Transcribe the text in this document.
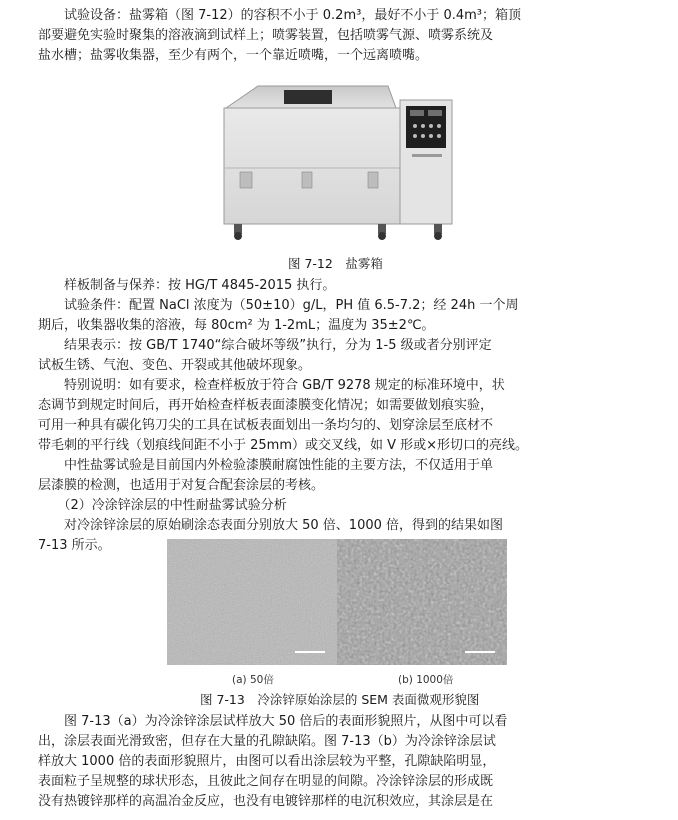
　　试验设备：盐雾箱（图 7-12）的容积不小于 0.2m³，最好不小于 0.4m³；箱顶
部要避免实验时聚集的溶液滴到试样上；喷雾装置，包括喷雾气源、喷雾系统及
盐水槽；盐雾收集器，至少有两个，一个靠近喷嘴，一个远离喷嘴。
图 7-12　盐雾箱
　　样板制备与保养：按 HG/T 4845-2015 执行。
　　试验条件：配置 NaCl 浓度为（50±10）g/L，PH 值 6.5-7.2；经 24h 一个周
期后，收集器收集的溶液，每 80cm² 为 1-2mL；温度为 35±2℃。
　　结果表示：按 GB/T 1740“综合破坏等级”执行，分为 1-5 级或者分别评定
试板生锈、气泡、变色、开裂或其他破坏现象。
　　特别说明：如有要求，检查样板放于符合 GB/T 9278 规定的标准环境中，状
态调节到规定时间后，再开始检查样板表面漆膜变化情况；如需要做划痕实验，
可用一种具有碳化钨刀尖的工具在试板表面划出一条均匀的、划穿涂层至底材不
带毛刺的平行线（划痕线间距不小于 25mm）或交叉线，如 V 形或×形切口的亮线。
　　中性盐雾试验是目前国内外检验漆膜耐腐蚀性能的主要方法，不仅适用于单
层漆膜的检测，也适用于对复合配套涂层的考核。
　　（2）冷涂锌涂层的中性耐盐雾试验分析
　　对冷涂锌涂层的原始刷涂态表面分别放大 50 倍、1000 倍，得到的结果如图
7-13 所示。
(a) 50倍	(b) 1000倍
图 7-13　冷涂锌原始涂层的 SEM 表面微观形貌图
　　图 7-13（a）为冷涂锌涂层试样放大 50 倍后的表面形貌照片，从图中可以看
出，涂层表面光滑致密，但存在大量的孔隙缺陷。图 7-13（b）为冷涂锌涂层试
样放大 1000 倍的表面形貌照片，由图可以看出涂层较为平整，孔隙缺陷明显，
表面粒子呈规整的球状形态，且彼此之间存在明显的间隙。冷涂锌涂层的形成既
没有热镀锌那样的高温冶金反应，也没有电镀锌那样的电沉积效应，其涂层是在
